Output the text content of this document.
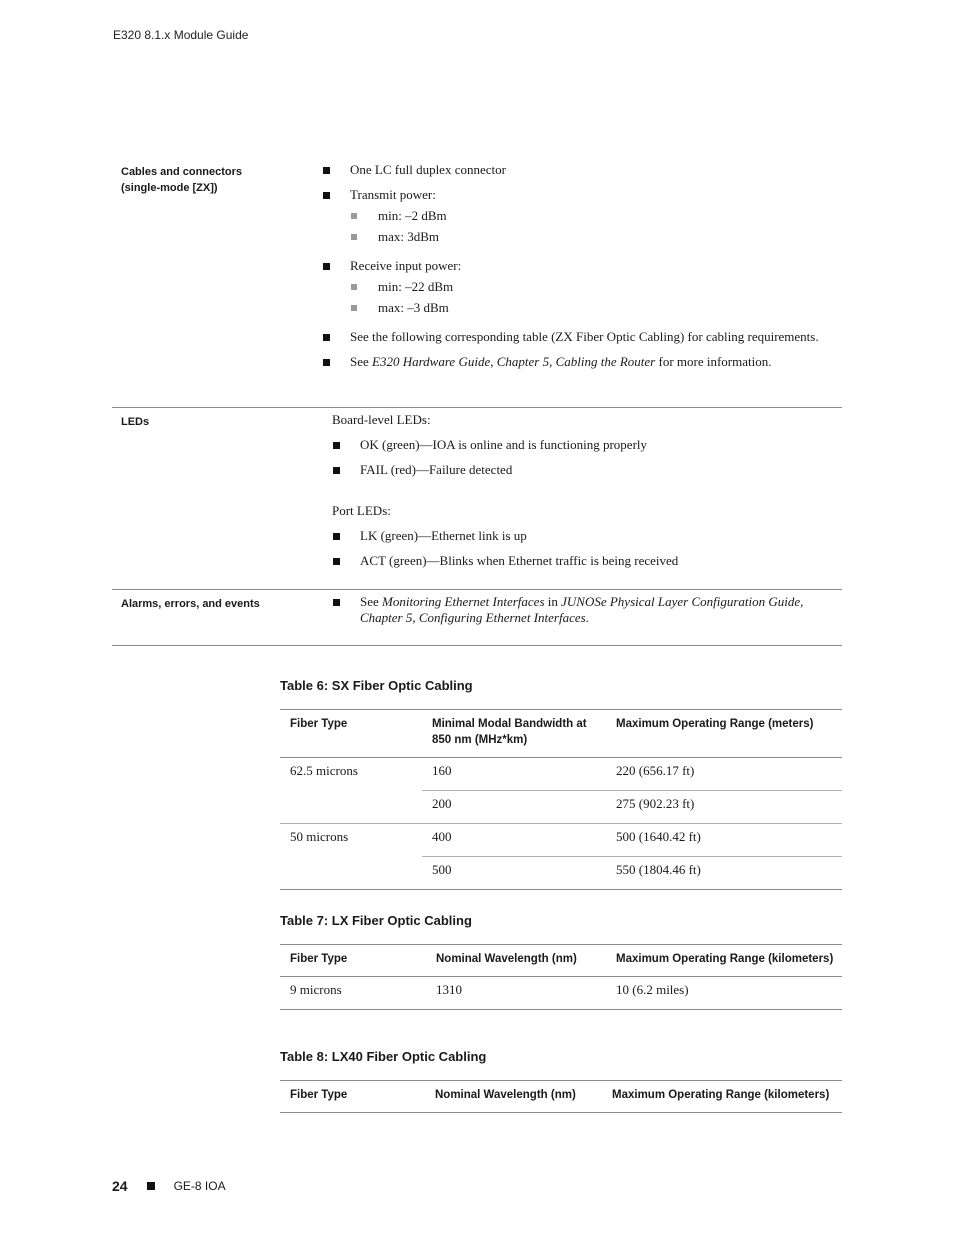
E320 8.1.x Module Guide
Cables and connectors (single-mode [ZX])
One LC full duplex connector
Transmit power:
min: –2 dBm
max: 3dBm
Receive input power:
min: –22 dBm
max: –3 dBm
See the following corresponding table (ZX Fiber Optic Cabling) for cabling requirements.
See E320 Hardware Guide, Chapter 5, Cabling the Router for more information.
LEDs	Board-level LEDs:
OK (green)—IOA is online and is functioning properly
FAIL (red)—Failure detected
Port LEDs:
LK (green)—Ethernet link is up
ACT (green)—Blinks when Ethernet traffic is being received
Alarms, errors, and events	See Monitoring Ethernet Interfaces in JUNOSe Physical Layer Configuration Guide, Chapter 5, Configuring Ethernet Interfaces.
Table 6: SX Fiber Optic Cabling
Fiber Type	Minimal Modal Bandwidth at 850 nm (MHz*km)	Maximum Operating Range (meters)
62.5 microns	160	220 (656.17 ft)
	200	275 (902.23 ft)
50 microns	400	500 (1640.42 ft)
	500	550 (1804.46 ft)
Table 7: LX Fiber Optic Cabling
Fiber Type	Nominal Wavelength (nm)	Maximum Operating Range (kilometers)
9 microns	1310	10 (6.2 miles)
Table 8: LX40 Fiber Optic Cabling
Fiber Type	Nominal Wavelength (nm)	Maximum Operating Range (kilometers)
24	GE-8 IOA
